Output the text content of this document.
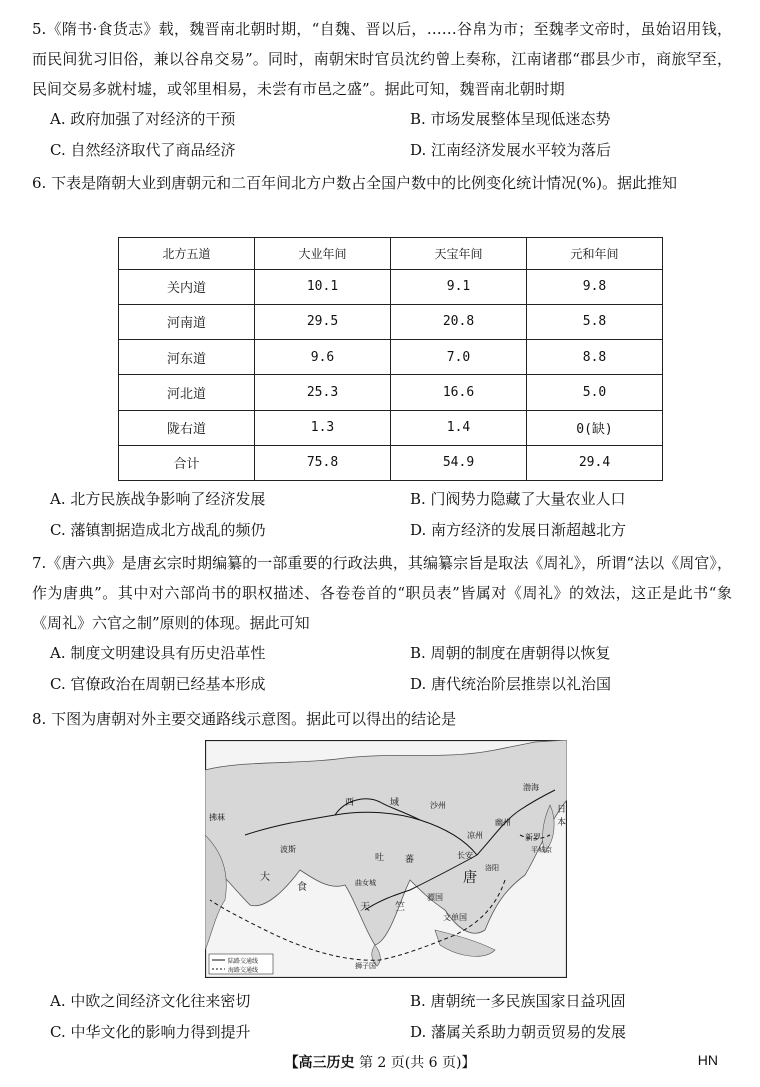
5.《隋书·食货志》载，魏晋南北朝时期，“自魏、晋以后，……谷帛为市；至魏孝文帝时，虽始诏用钱，而民间犹习旧俗，兼以谷帛交易”。同时，南朝宋时官员沈约曾上奏称，江南诸郡“郡县少市，商旅罕至，民间交易多就村墟，或邻里相易，未尝有市邑之盛”。据此可知，魏晋南北朝时期

A. 政府加强了对经济的干预	B. 市场发展整体呈现低迷态势
C. 自然经济取代了商品经济	D. 江南经济发展水平较为落后

6. 下表是隋朝大业到唐朝元和二百年间北方户数占全国户数中的比例变化统计情况(%)。据此推知

北方五道	大业年间	天宝年间	元和年间
关内道	10.1	9.1	9.8
河南道	29.5	20.8	5.8
河东道	9.6	7.0	8.8
河北道	25.3	16.6	5.0
陇右道	1.3	1.4	0(缺)
合计	75.8	54.9	29.4
A. 北方民族战争影响了经济发展	B. 门阀势力隐藏了大量农业人口
C. 藩镇割据造成北方战乱的频仍	D. 南方经济的发展日渐超越北方

7.《唐六典》是唐玄宗时期编纂的一部重要的行政法典，其编纂宗旨是取法《周礼》，所谓“法以《周官》，作为唐典”。其中对六部尚书的职权描述、各卷卷首的“职员表”皆属对《周礼》的效法，这正是此书“象《周礼》六官之制”原则的体现。据此可知

A. 制度文明建设具有历史沿革性	B. 周朝的制度在唐朝得以恢复
C. 官僚政治在周朝已经基本形成	D. 唐代统治阶层推崇以礼治国

8. 下图为唐朝对外主要交通路线示意图。据此可以得出的结论是

西	域	沙州
凉州
幽州
渤海
新罗
日
本
平城京
长安
唐
吐 蕃
大
食
波斯
拂菻
曲女城
天	竺
骠国
文单国
狮子国
洛阳
陆路交通线
海路交通线
A. 中欧之间经济文化往来密切	B. 唐朝统一多民族国家日益巩固
C. 中华文化的影响力得到提升	D. 藩属关系助力朝贡贸易的发展
【高三历史 第 2 页(共 6 页)】	HN
